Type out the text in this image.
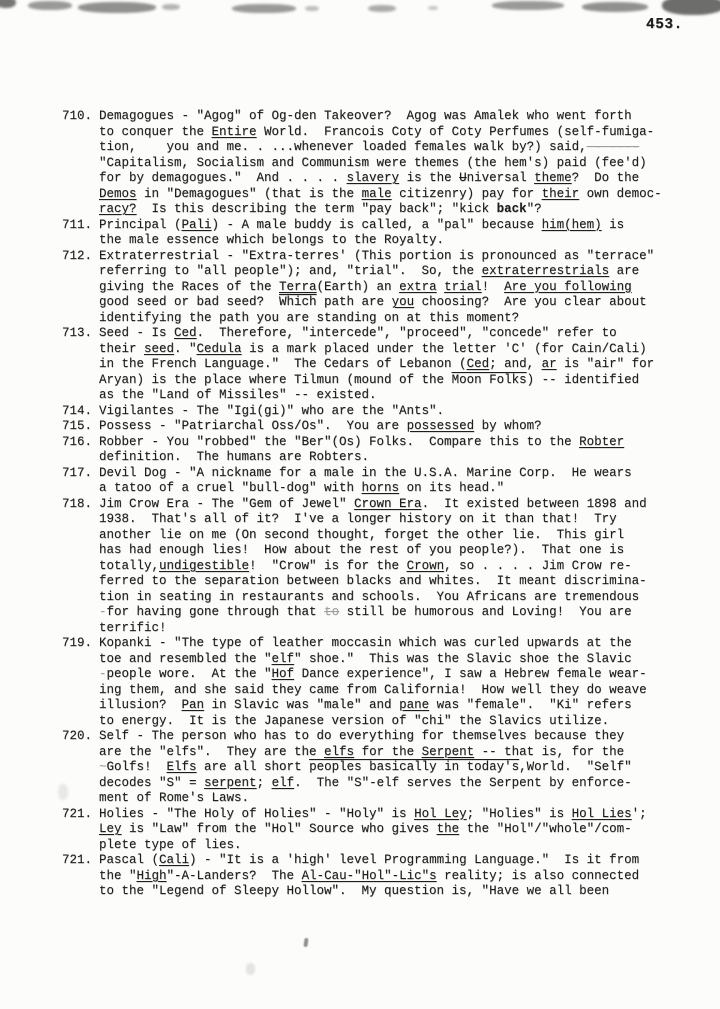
453.
710. Demagogues - "Agog" of Og-den Takeover?  Agog was Amalek who went forth
to conquer the Entire World.  Francois Coty of Coty Perfumes (self-fumiga-
tion,    you and me. . ...whenever loaded females walk by?) said, - ----
"Capitalism, Socialism and Communism were themes (the hem's) paid (fee'd)
for by demagogues."  And . . . . slavery is the Universal theme?  Do the
Demos in "Demagogues" (that is the male citizenry) pay for their own democ-
racy?  Is this describing the term "pay back"; "kick back"?
711. Principal (Pali) - A male buddy is called, a "pal" because him(hem) is
the male essence which belongs to the Royalty.
712. Extraterrestrial - "Extra-terres' (This portion is pronounced as "terrace"
referring to "all people"); and, "trial".  So, the extraterrestrials are
giving the Races of the Terra(Earth) an extra trial!  Are you following
good seed or bad seed?  Which path are you choosing?  Are you clear about
identifying the path you are standing on at this moment?
713. Seed - Is Ced.  Therefore, "intercede", "proceed", "concede" refer to
their seed. "Cedula is a mark placed under the letter 'C' (for Cain/Cali)
in the French Language."  The Cedars of Lebanon (Ced; and, ar is "air" for
Aryan) is the place where Tilmun (mound of the Moon Folks) -- identified
as the "Land of Missiles" -- existed.
714. Vigilantes - The "Igi(gi)" who are the "Ants".
715. Possess - "Patriarchal Oss/Os".  You are possessed by whom?
716. Robber - You "robbed" the "Ber"(Os) Folks.  Compare this to the Robter
definition.  The humans are Robters.
717. Devil Dog - "A nickname for a male in the U.S.A. Marine Corp.  He wears
a tatoo of a cruel "bull-dog" with horns on its head."
718. Jim Crow Era - The "Gem of Jewel" Crown Era.  It existed between 1898 and
1938.  That's all of it?  I've a longer history on it than that!  Try
another lie on me (On second thought, forget the other lie.  This girl
has had enough lies!  How about the rest of you people?).  That one is
totally,undigestible!  "Crow" is for the Crown, so . . . . Jim Crow re-
ferred to the separation between blacks and whites.  It meant discrimina-
tion in seating in restaurants and schools.  You Africans are tremendous
-for having gone through that to still be humorous and Loving!  You are
terrific!
719. Kopanki - "The type of leather moccasin which was curled upwards at the
toe and resembled the "elf" shoe."  This was the Slavic shoe the Slavic
-people wore.  At the "Hof Dance experience", I saw a Hebrew female wear-
ing them, and she said they came from California!  How well they do weave
illusion?  Pan in Slavic was "male" and pane was "female".  "Ki" refers
to energy.  It is the Japanese version of "chi" the Slavics utilize.
720. Self - The person who has to do everything for themselves because they
are the "elfs".  They are the elfs for the Serpent -- that is, for the
~Golfs!  Elfs are all short peoples basically in today's,World.  "Self"
decodes "S" = serpent; elf.  The "S"-elf serves the Serpent by enforce-
ment of Rome's Laws.
721. Holies - "The Holy of Holies" - "Holy" is Hol Ley; "Holies" is Hol Lies';
Ley is "Law" from the "Hol" Source who gives the the "Hol"/"whole"/com-
plete type of lies.
721. Pascal (Cali) - "It is a 'high' level Programming Language."  Is it from
the "High"-A-Landers?  The Al-Cau-"Hol"-Lic"s reality; is also connected
to the "Legend of Sleepy Hollow".  My question is, "Have we all been
